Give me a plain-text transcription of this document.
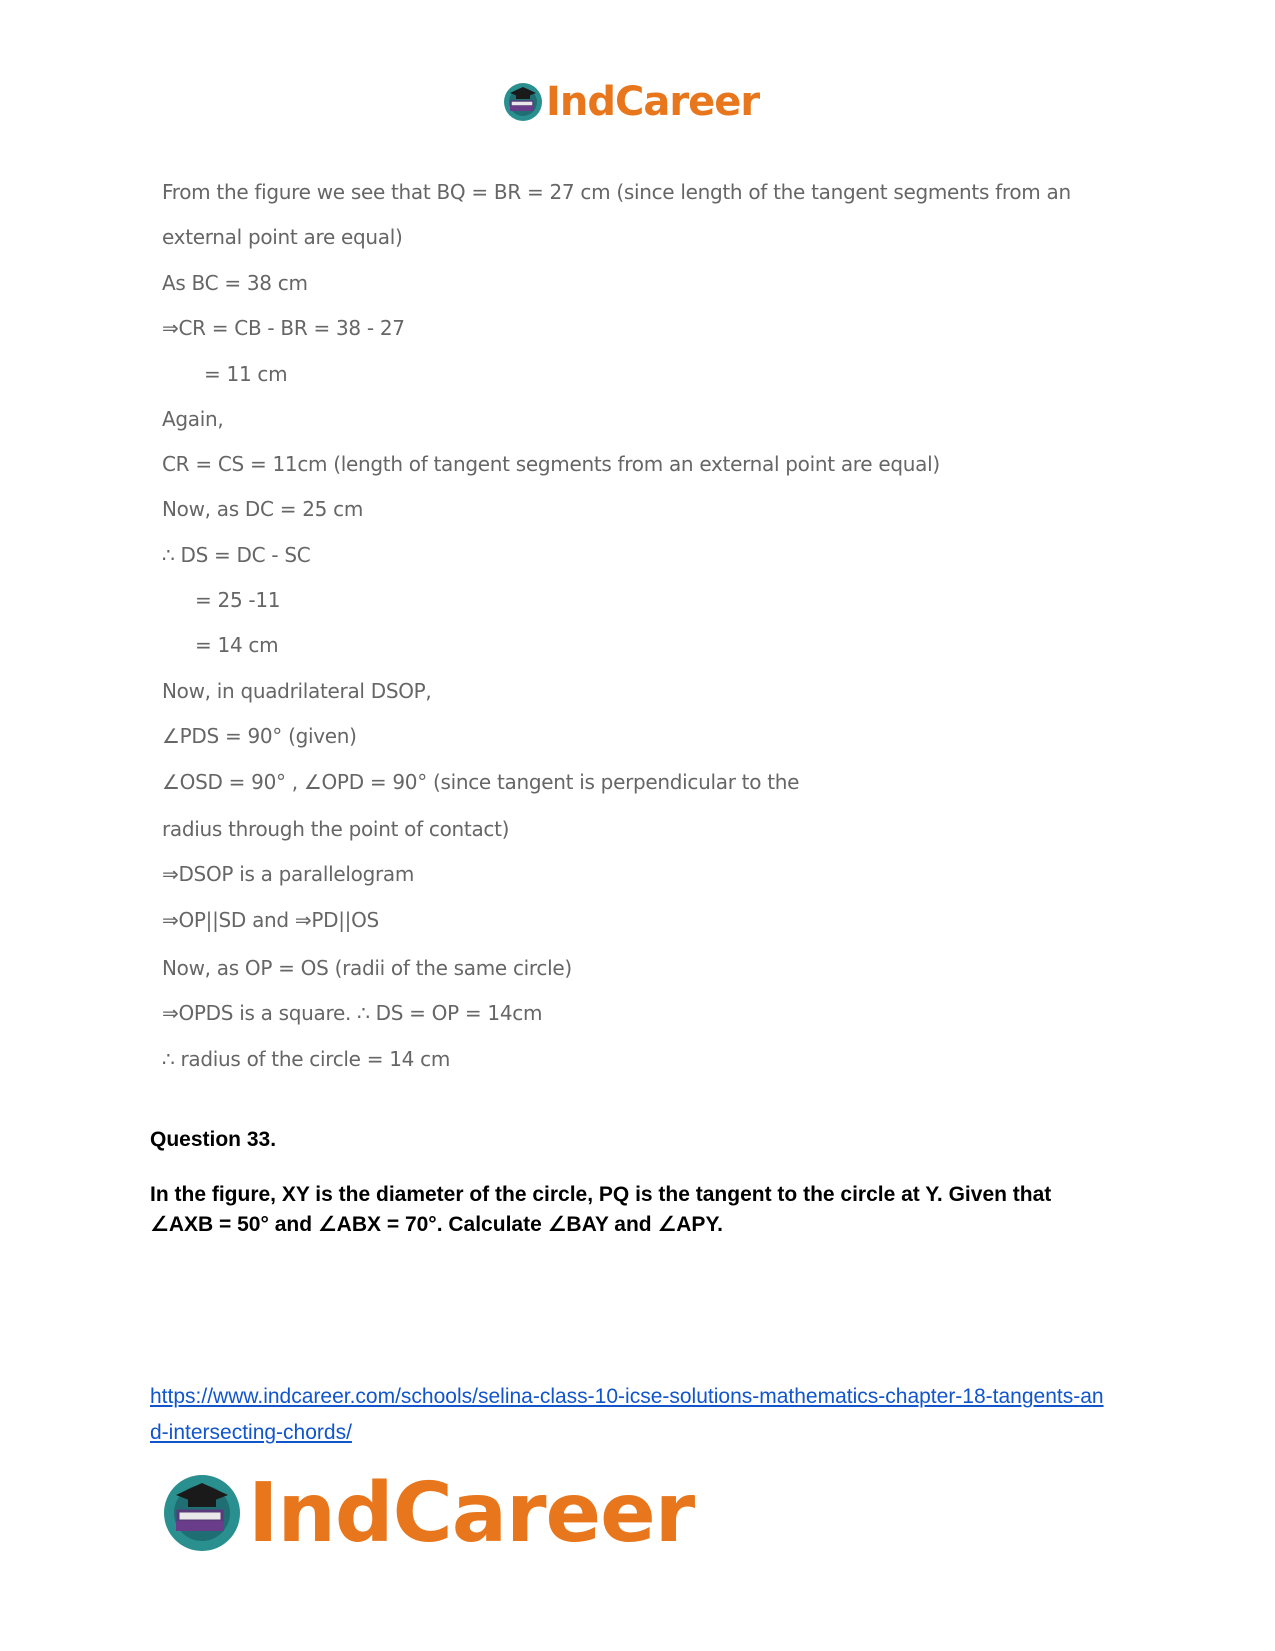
IndCareer
From the figure we see that BQ = BR = 27 cm (since length of the tangent segments from an
external point are equal)
As BC = 38 cm
⇒CR = CB - BR = 38 - 27
= 11 cm
Again,
CR = CS = 11cm (length of tangent segments from an external point are equal)
Now, as DC = 25 cm
∴ DS = DC - SC
= 25 -11
= 14 cm
Now, in quadrilateral DSOP,
∠PDS = 90° (given)
∠OSD = 90° , ∠OPD = 90° (since tangent is perpendicular to the
radius through the point of contact)
⇒DSOP is a parallelogram
⇒OP||SD and ⇒PD||OS
Now, as OP = OS (radii of the same circle)
⇒OPDS is a square. ∴ DS = OP = 14cm
∴ radius of the circle = 14 cm
Question 33.
In the figure, XY is the diameter of the circle, PQ is the tangent to the circle at Y. Given that ∠AXB = 50° and ∠ABX = 70°. Calculate ∠BAY and ∠APY.
https://www.indcareer.com/schools/selina-class-10-icse-solutions-mathematics-chapter-18-tangents-and-intersecting-chords/
IndCareer
